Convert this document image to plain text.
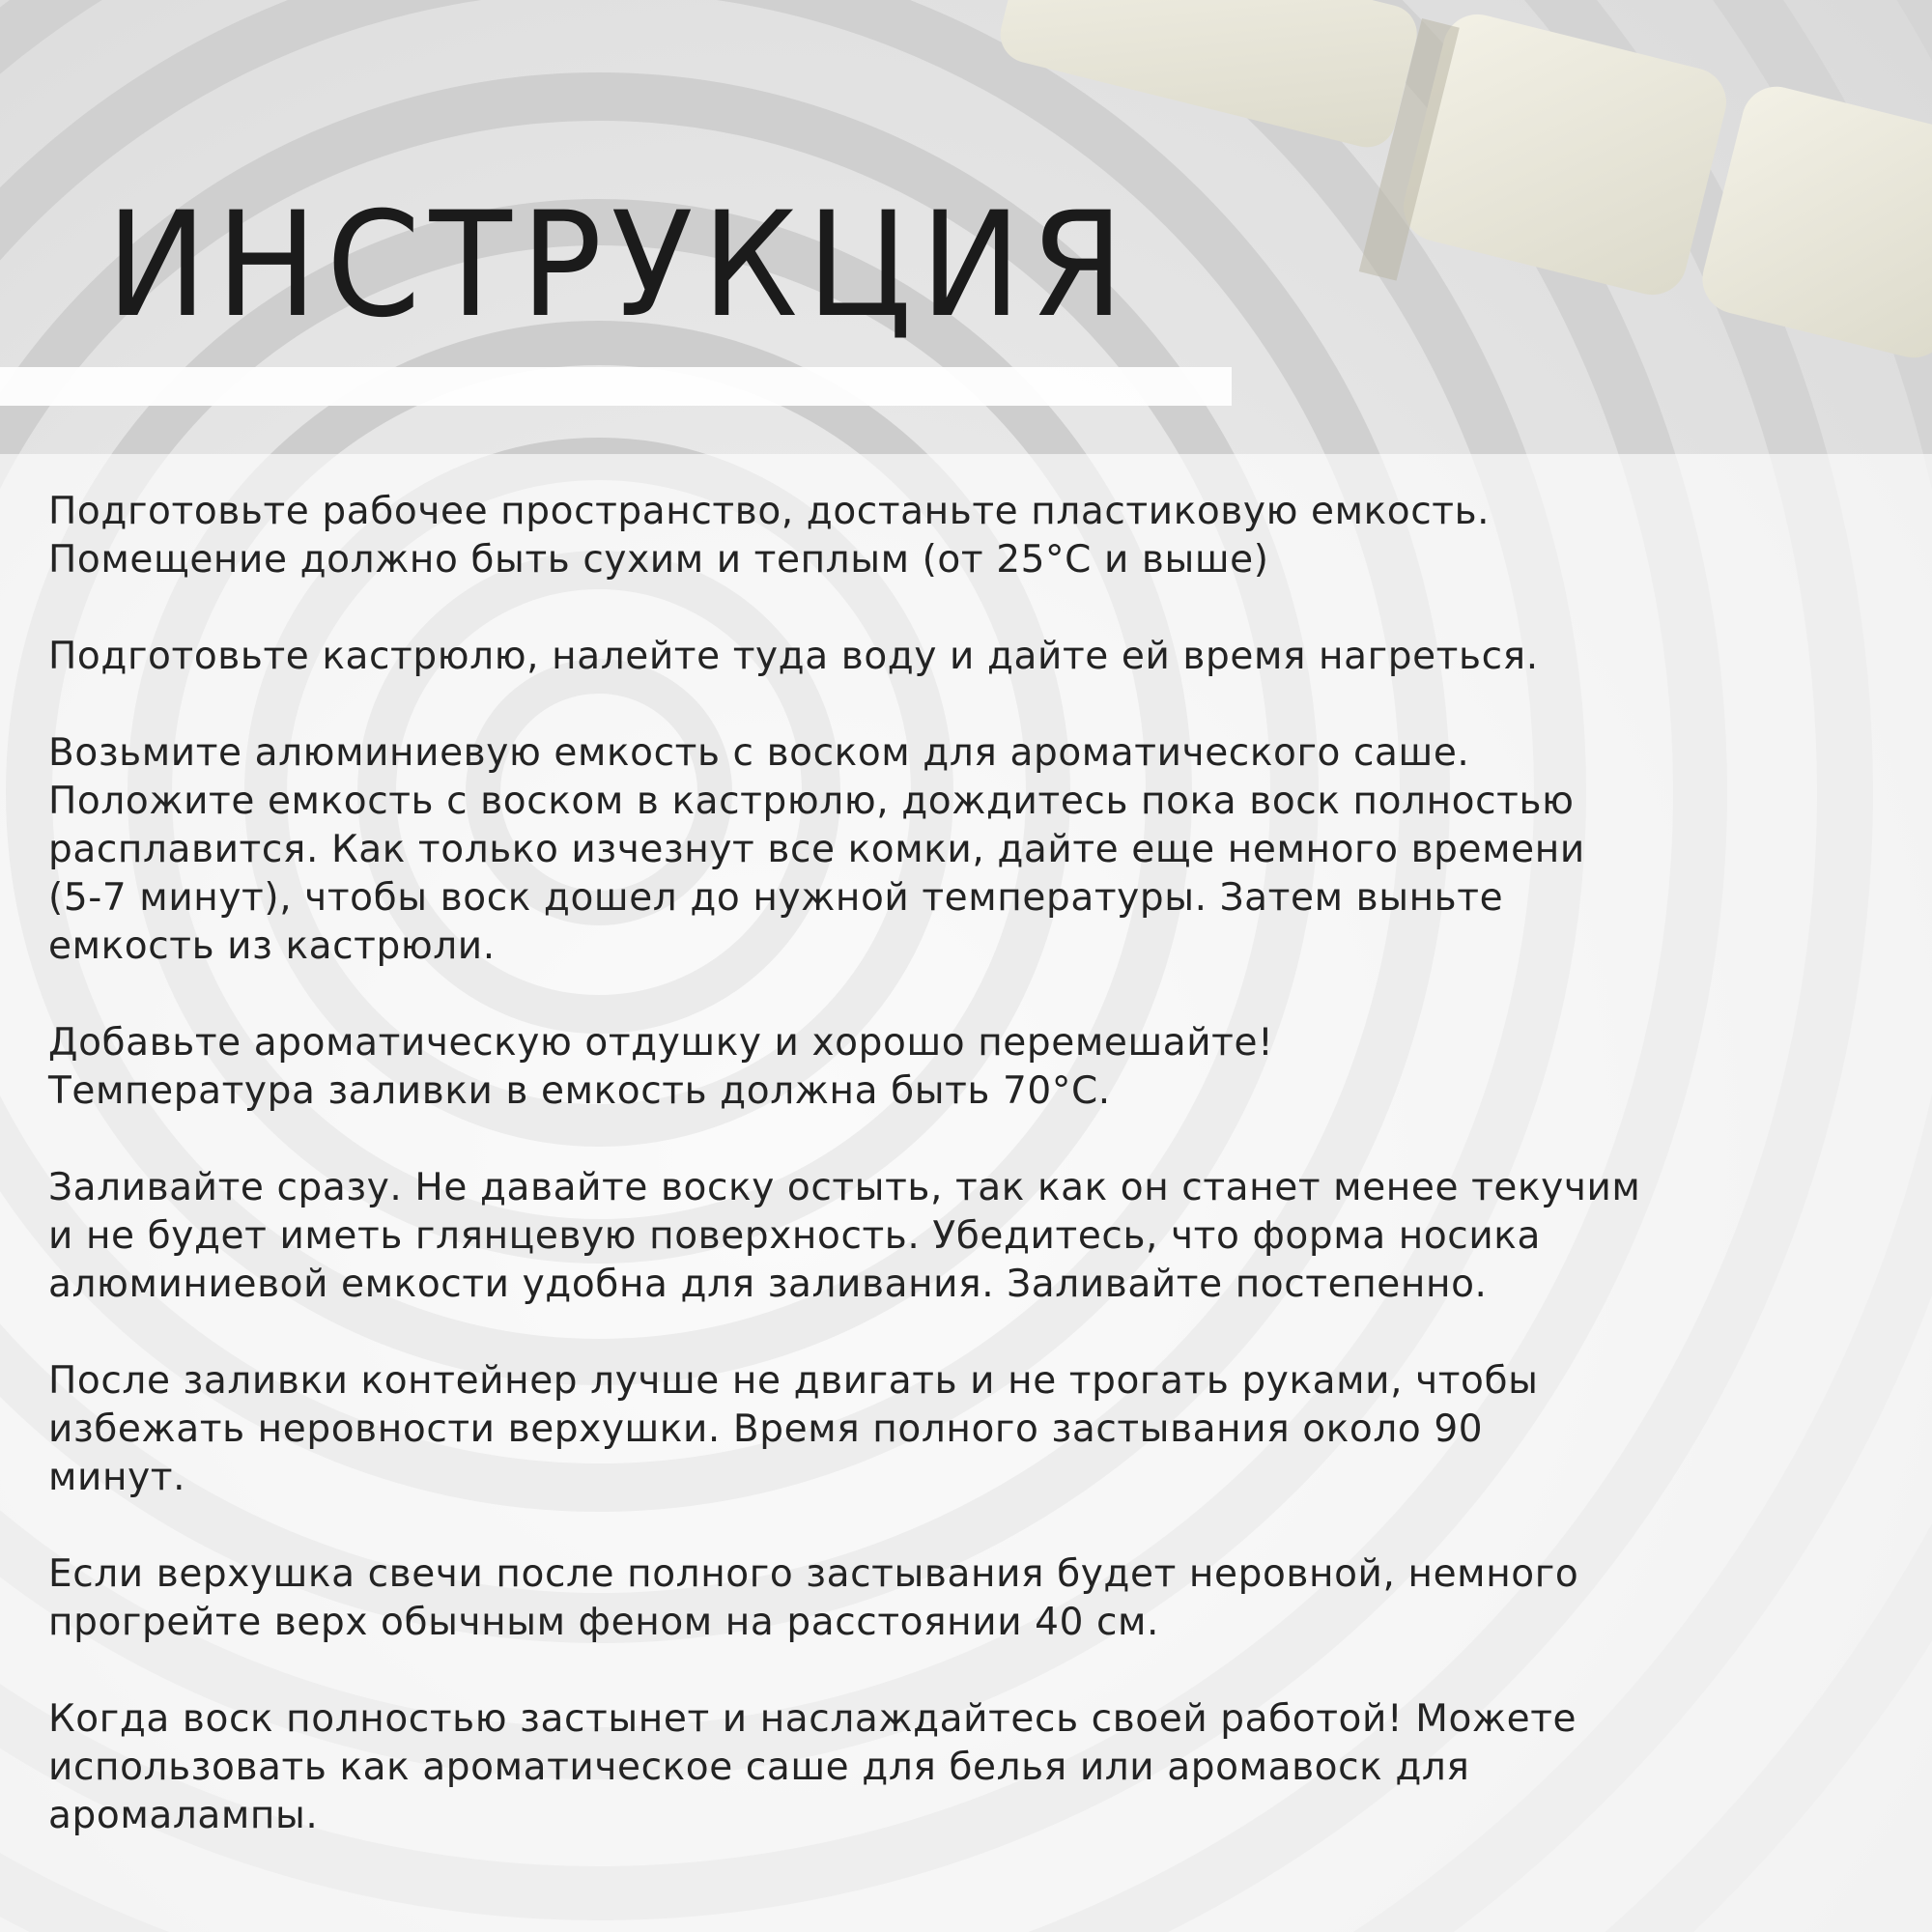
ИНСТРУКЦИЯ
Подготовьте рабочее пространство, достаньте пластиковую емкость.
Помещение должно быть сухим и теплым (от 25°С и выше)
Подготовьте кастрюлю, налейте туда воду и дайте ей время нагреться.
Возьмите алюминиевую емкость с воском для ароматического саше.
Положите емкость с воском в кастрюлю, дождитесь пока воск полностью
расплавится. Как только изчезнут все комки, дайте еще немного времени
(5-7 минут), чтобы воск дошел до нужной температуры. Затем выньте
емкость из кастрюли.
Добавьте ароматическую отдушку и хорошо перемешайте!
Температура заливки в емкость должна быть 70°С.
Заливайте сразу. Не давайте воску остыть, так как он станет менее текучим
и не будет иметь глянцевую поверхность. Убедитесь, что форма носика
алюминиевой емкости удобна для заливания. Заливайте постепенно.
После заливки контейнер лучше не двигать и не трогать руками, чтобы
избежать неровности верхушки. Время полного застывания около 90
минут.
Если верхушка свечи после полного застывания будет неровной, немного
прогрейте верх обычным феном на расстоянии 40 см.
Когда воск полностью застынет и наслаждайтесь своей работой! Можете
использовать как ароматическое саше для белья или аромавоск для
аромалампы.
